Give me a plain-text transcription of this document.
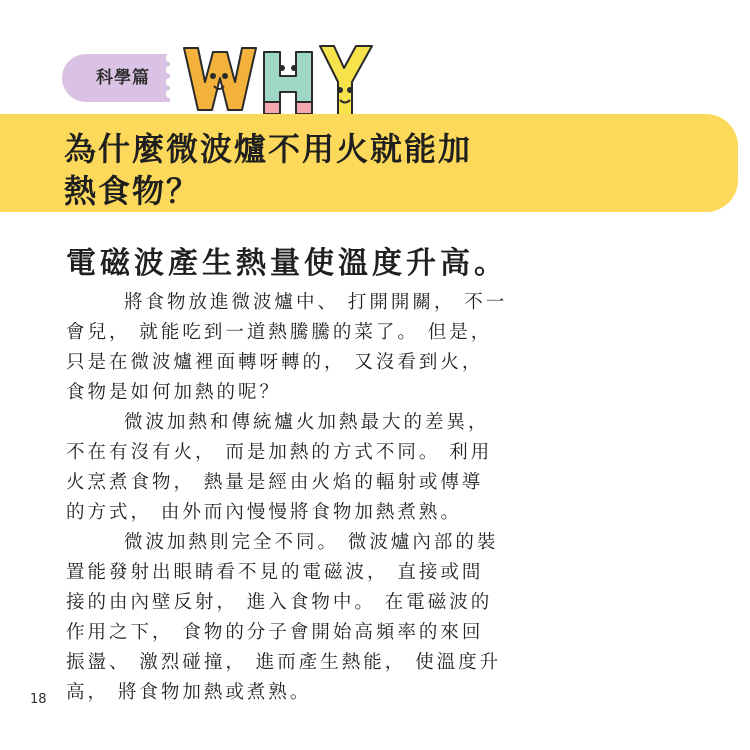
科學篇
為什麼微波爐不用火就能加
熱食物？
電磁波產生熱量使溫度升高。
將食物放進微波爐中、 打開開關， 不一
會兒， 就能吃到一道熱騰騰的菜了。 但是，
只是在微波爐裡面轉呀轉的， 又沒看到火，
食物是如何加熱的呢？
微波加熱和傳統爐火加熱最大的差異，
不在有沒有火， 而是加熱的方式不同。 利用
火烹煮食物， 熱量是經由火焰的輻射或傳導
的方式， 由外而內慢慢將食物加熱煮熟。
微波加熱則完全不同。 微波爐內部的裝
置能發射出眼睛看不見的電磁波， 直接或間
接的由內壁反射， 進入食物中。 在電磁波的
作用之下， 食物的分子會開始高頻率的來回
振盪、 激烈碰撞， 進而產生熱能， 使溫度升
高， 將食物加熱或煮熟。
18
